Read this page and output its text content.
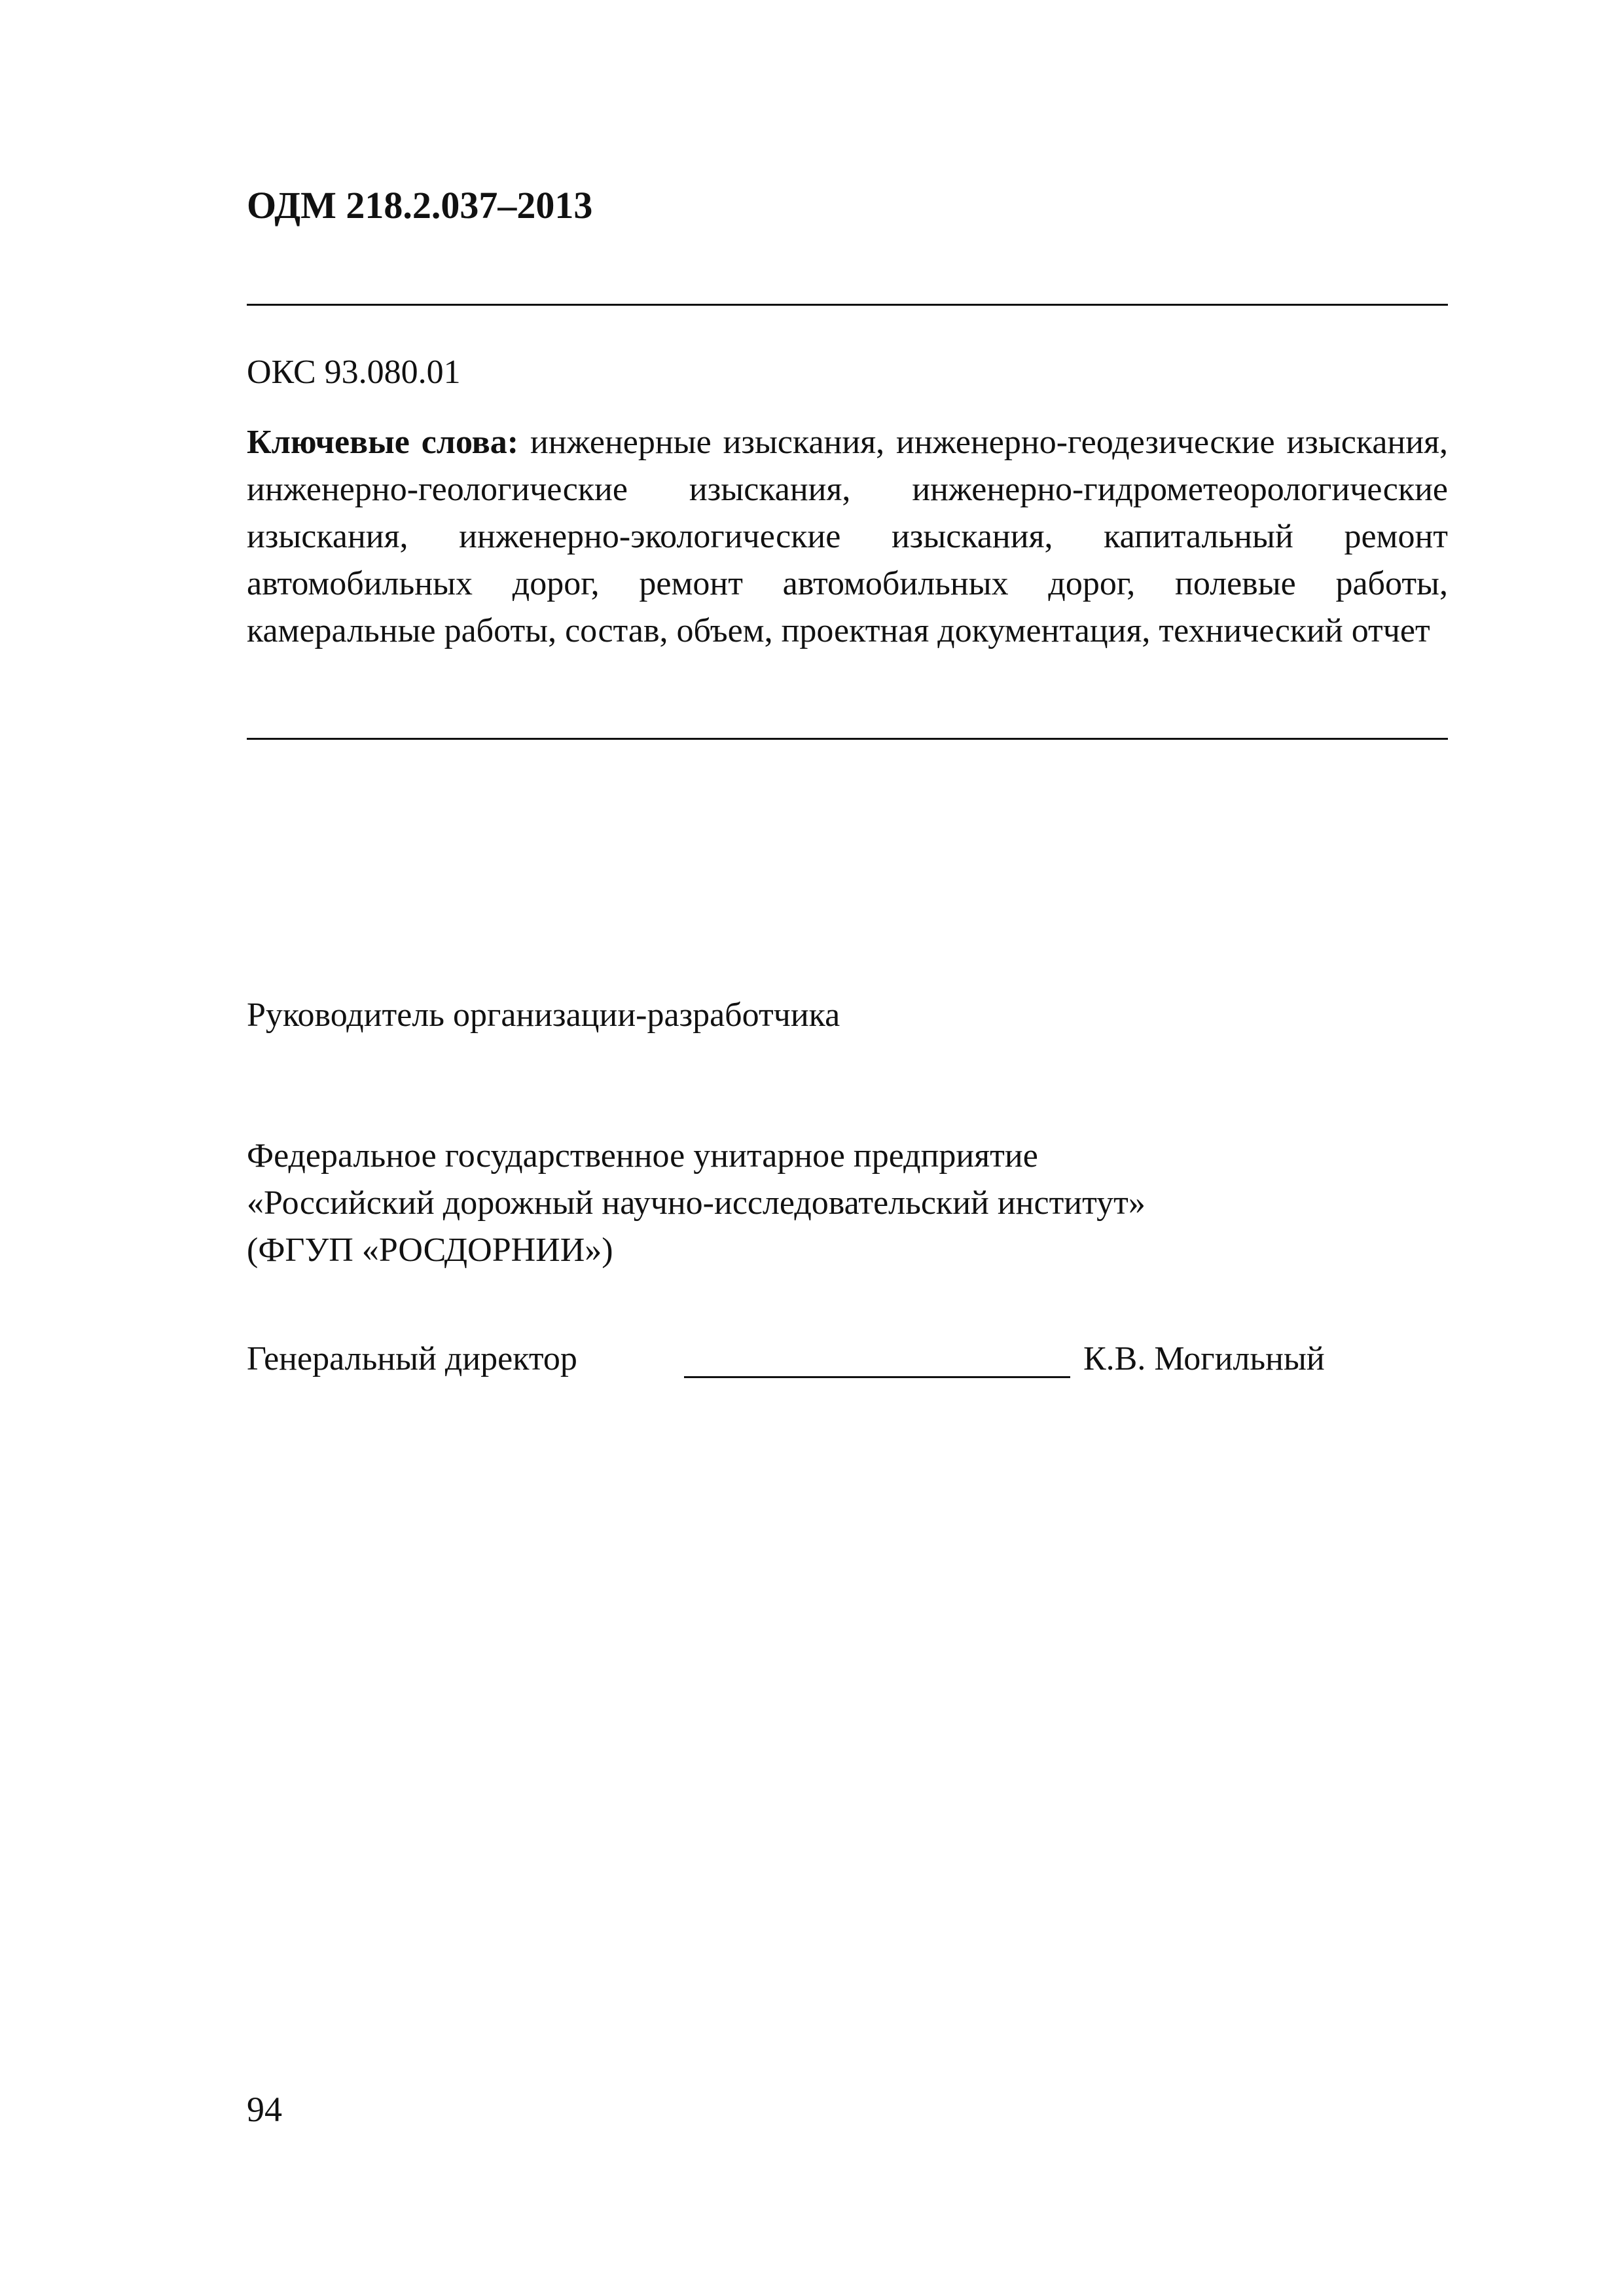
ОДМ 218.2.037–2013
ОКС 93.080.01
Ключевые слова: инженерные изыскания, инженерно-геодезические изыскания, инженерно-геологические изыскания, инженерно-гидрометеорологические изыскания, инженерно-экологические изыскания, капитальный ремонт автомобильных дорог, ремонт автомобильных дорог, полевые работы, камеральные работы, состав, объем, проектная документация, технический отчет
Руководитель организации-разработчика
Федеральное государственное унитарное предприятие
«Российский дорожный научно-исследовательский институт»
(ФГУП «РОСДОРНИИ»)
Генеральный директор	К.В. Могильный
94
